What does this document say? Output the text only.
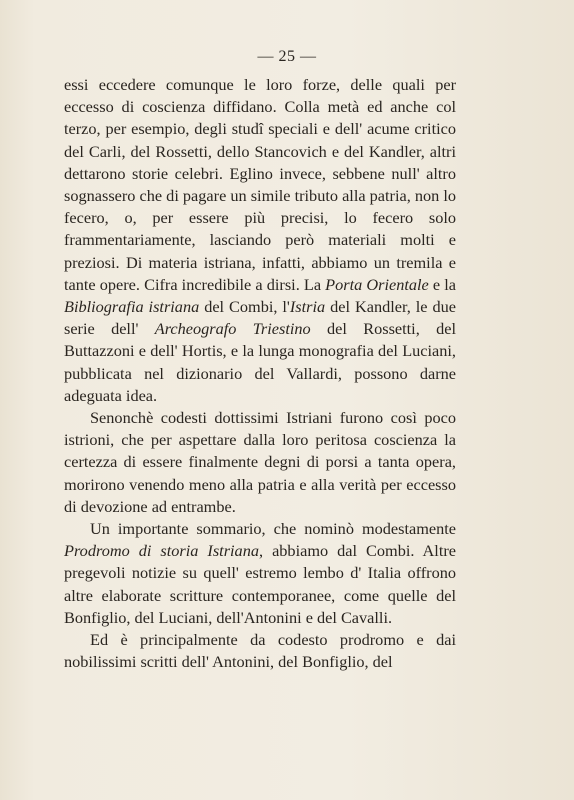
— 25 —

essi eccedere comunque le loro forze, delle quali per eccesso di coscienza diffidano. Colla metà ed anche col terzo, per esempio, degli studî speciali e dell' acume critico del Carli, del Rossetti, dello Stancovich e del Kandler, altri dettarono storie celebri. Eglino invece, sebbene null' altro sognassero che di pagare un simile tributo alla patria, non lo fecero, o, per essere più precisi, lo fecero solo frammentariamente, lasciando però materiali molti e preziosi. Di materia istriana, infatti, abbiamo un tremila e tante opere. Cifra incredibile a dirsi. La Porta Orientale e la Bibliografia istriana del Combi, l'Istria del Kandler, le due serie dell' Archeografo Triestino del Rossetti, del Buttazzoni e dell' Hortis, e la lunga monografia del Luciani, pubblicata nel dizionario del Vallardi, possono darne adeguata idea.

Senonchè codesti dottissimi Istriani furono così poco istrioni, che per aspettare dalla loro peritosa coscienza la certezza di essere finalmente degni di porsi a tanta opera, morirono venendo meno alla patria e alla verità per eccesso di devozione ad entrambe.

Un importante sommario, che nominò modestamente Prodromo di storia Istriana, abbiamo dal Combi. Altre pregevoli notizie su quell' estremo lembo d' Italia offrono altre elaborate scritture contemporanee, come quelle del Bonfiglio, del Luciani, dell'Antonini e del Cavalli.

Ed è principalmente da codesto prodromo e dai nobilissimi scritti dell' Antonini, del Bonfiglio, del
